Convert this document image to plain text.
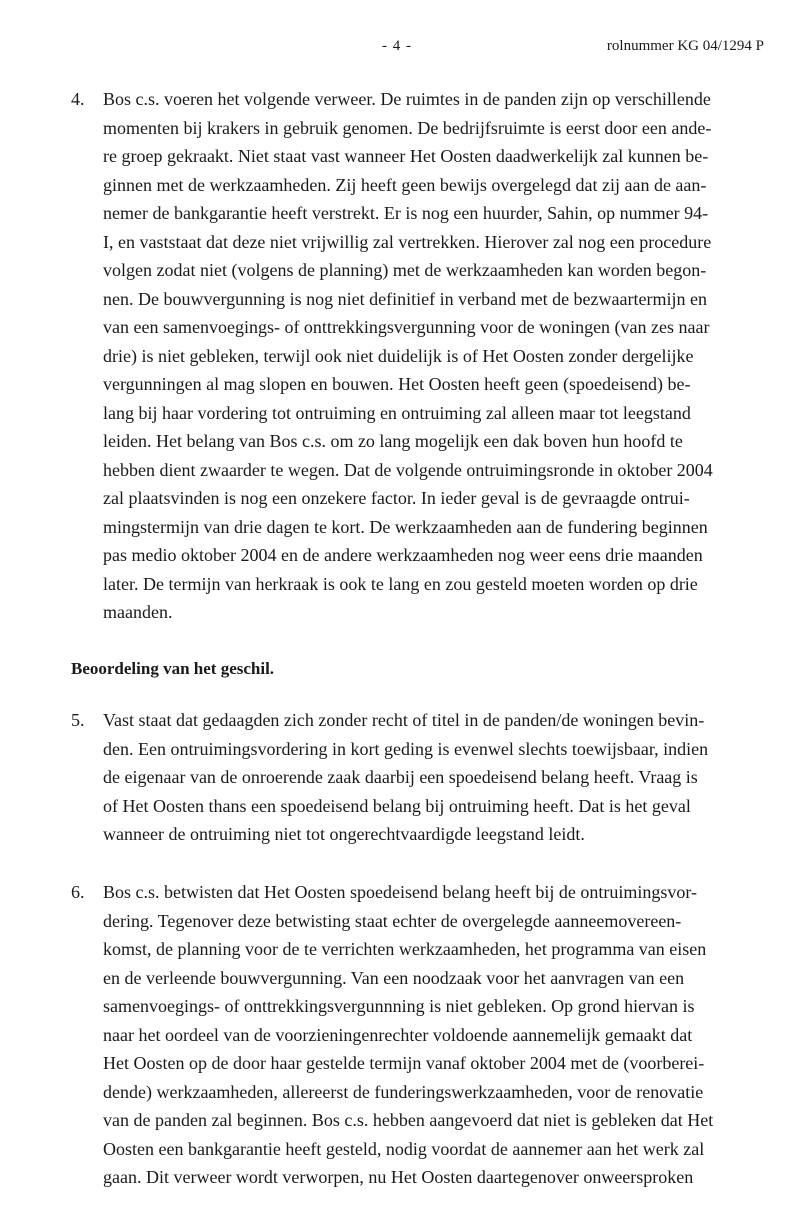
- 4 -	rolnummer KG 04/1294 P
4. Bos c.s. voeren het volgende verweer. De ruimtes in de panden zijn op verschillende
momenten bij krakers in gebruik genomen. De bedrijfsruimte is eerst door een ande-
re groep gekraakt. Niet staat vast wanneer Het Oosten daadwerkelijk zal kunnen be-
ginnen met de werkzaamheden. Zij heeft geen bewijs overgelegd dat zij aan de aan-
nemer de bankgarantie heeft verstrekt. Er is nog een huurder, Sahin, op nummer 94-
I, en vaststaat dat deze niet vrijwillig zal vertrekken. Hierover zal nog een procedure
volgen zodat niet (volgens de planning) met de werkzaamheden kan worden begon-
nen. De bouwvergunning is nog niet definitief in verband met de bezwaartermijn en
van een samenvoegings- of onttrekkingsvergunning voor de woningen (van zes naar
drie) is niet gebleken, terwijl ook niet duidelijk is of Het Oosten zonder dergelijke
vergunningen al mag slopen en bouwen. Het Oosten heeft geen (spoedeisend) be-
lang bij haar vordering tot ontruiming en ontruiming zal alleen maar tot leegstand
leiden. Het belang van Bos c.s. om zo lang mogelijk een dak boven hun hoofd te
hebben dient zwaarder te wegen. Dat de volgende ontruimingsronde in oktober 2004
zal plaatsvinden is nog een onzekere factor. In ieder geval is de gevraagde ontrui-
mingstermijn van drie dagen te kort. De werkzaamheden aan de fundering beginnen
pas medio oktober 2004 en de andere werkzaamheden nog weer eens drie maanden
later. De termijn van herkraak is ook te lang en zou gesteld moeten worden op drie
maanden.
Beoordeling van het geschil.
5. Vast staat dat gedaagden zich zonder recht of titel in de panden/de woningen bevin-
den. Een ontruimingsvordering in kort geding is evenwel slechts toewijsbaar, indien
de eigenaar van de onroerende zaak daarbij een spoedeisend belang heeft. Vraag is
of Het Oosten thans een spoedeisend belang bij ontruiming heeft. Dat is het geval
wanneer de ontruiming niet tot ongerechtvaardigde leegstand leidt.
6. Bos c.s. betwisten dat Het Oosten spoedeisend belang heeft bij de ontruimingsvor-
dering. Tegenover deze betwisting staat echter de overgelegde aanneemovereen-
komst, de planning voor de te verrichten werkzaamheden, het programma van eisen
en de verleende bouwvergunning. Van een noodzaak voor het aanvragen van een
samenvoegings- of onttrekkingsvergunnning is niet gebleken. Op grond hiervan is
naar het oordeel van de voorzieningenrechter voldoende aannemelijk gemaakt dat
Het Oosten op de door haar gestelde termijn vanaf oktober 2004 met de (voorberei-
dende) werkzaamheden, allereerst de funderingswerkzaamheden, voor de renovatie
van de panden zal beginnen. Bos c.s. hebben aangevoerd dat niet is gebleken dat Het
Oosten een bankgarantie heeft gesteld, nodig voordat de aannemer aan het werk zal
gaan. Dit verweer wordt verworpen, nu Het Oosten daartegenover onweersproken
